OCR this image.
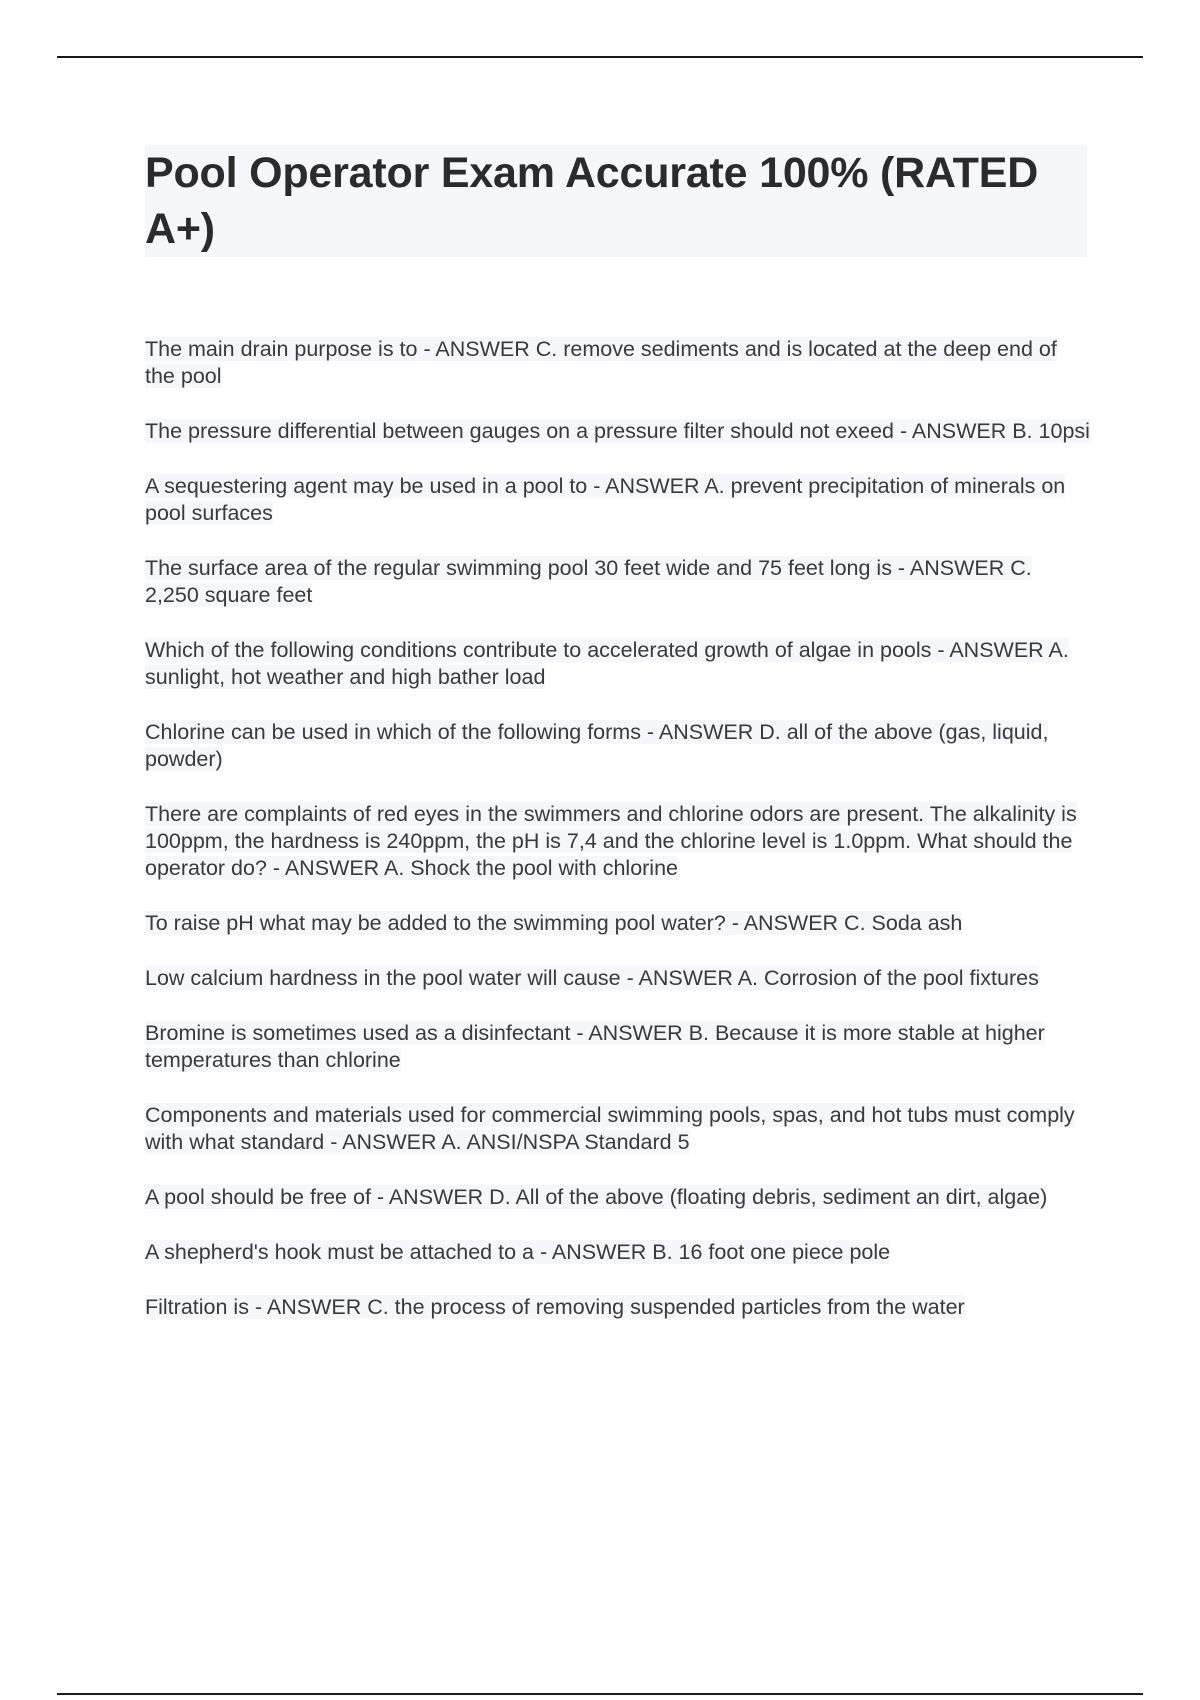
Pool Operator Exam Accurate 100% (RATED A+)
The main drain purpose is to - ANSWER C. remove sediments and is located at the deep end of the pool
The pressure differential between gauges on a pressure filter should not exeed - ANSWER B. 10psi
A sequestering agent may be used in a pool to - ANSWER A. prevent precipitation of minerals on pool surfaces
The surface area of the regular swimming pool 30 feet wide and 75 feet long is - ANSWER C. 2,250 square feet
Which of the following conditions contribute to accelerated growth of algae in pools - ANSWER A. sunlight, hot weather and high bather load
Chlorine can be used in which of the following forms - ANSWER D. all of the above (gas, liquid, powder)
There are complaints of red eyes in the swimmers and chlorine odors are present. The alkalinity is 100ppm, the hardness is 240ppm, the pH is 7,4 and the chlorine level is 1.0ppm. What should the operator do? - ANSWER A. Shock the pool with chlorine
To raise pH what may be added to the swimming pool water? - ANSWER C. Soda ash
Low calcium hardness in the pool water will cause - ANSWER A. Corrosion of the pool fixtures
Bromine is sometimes used as a disinfectant - ANSWER B. Because it is more stable at higher temperatures than chlorine
Components and materials used for commercial swimming pools, spas, and hot tubs must comply with what standard - ANSWER A. ANSI/NSPA Standard 5
A pool should be free of - ANSWER D. All of the above (floating debris, sediment an dirt, algae)
A shepherd's hook must be attached to a - ANSWER B. 16 foot one piece pole
Filtration is - ANSWER C. the process of removing suspended particles from the water
